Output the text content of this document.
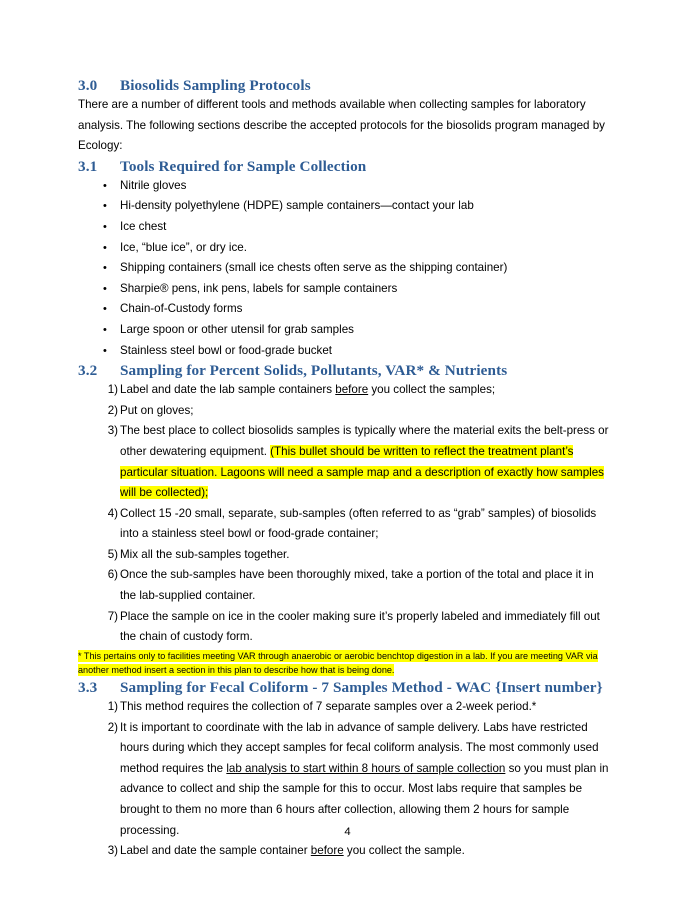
3.0 Biosolids Sampling Protocols

There are a number of different tools and methods available when collecting samples for laboratory analysis. The following sections describe the accepted protocols for the biosolids program managed by Ecology:

3.1 Tools Required for Sample Collection
• Nitrile gloves
• Hi-density polyethylene (HDPE) sample containers—contact your lab
• Ice chest
• Ice, “blue ice”, or dry ice.
• Shipping containers (small ice chests often serve as the shipping container)
• Sharpie® pens, ink pens, labels for sample containers
• Chain-of-Custody forms
• Large spoon or other utensil for grab samples
• Stainless steel bowl or food-grade bucket
3.2 Sampling for Percent Solids, Pollutants, VAR* & Nutrients
1) Label and date the lab sample containers before you collect the samples;
2) Put on gloves;
3) The best place to collect biosolids samples is typically where the material exits the belt-press or other dewatering equipment. (This bullet should be written to reflect the treatment plant’s particular situation. Lagoons will need a sample map and a description of exactly how samples will be collected);
4) Collect 15 -20 small, separate, sub-samples (often referred to as “grab” samples) of biosolids into a stainless steel bowl or food-grade container;
5) Mix all the sub-samples together.
6) Once the sub-samples have been thoroughly mixed, take a portion of the total and place it in the lab-supplied container.
7) Place the sample on ice in the cooler making sure it’s properly labeled and immediately fill out the chain of custody form.

* This pertains only to facilities meeting VAR through anaerobic or aerobic benchtop digestion in a lab. If you are meeting VAR via another method insert a section in this plan to describe how that is being done.

3.3 Sampling for Fecal Coliform - 7 Samples Method - WAC {Insert number}
1) This method requires the collection of 7 separate samples over a 2-week period.*
2) It is important to coordinate with the lab in advance of sample delivery. Labs have restricted hours during which they accept samples for fecal coliform analysis. The most commonly used method requires the lab analysis to start within 8 hours of sample collection so you must plan in advance to collect and ship the sample for this to occur. Most labs require that samples be brought to them no more than 6 hours after collection, allowing them 2 hours for sample processing.
3) Label and date the sample container before you collect the sample.
4
